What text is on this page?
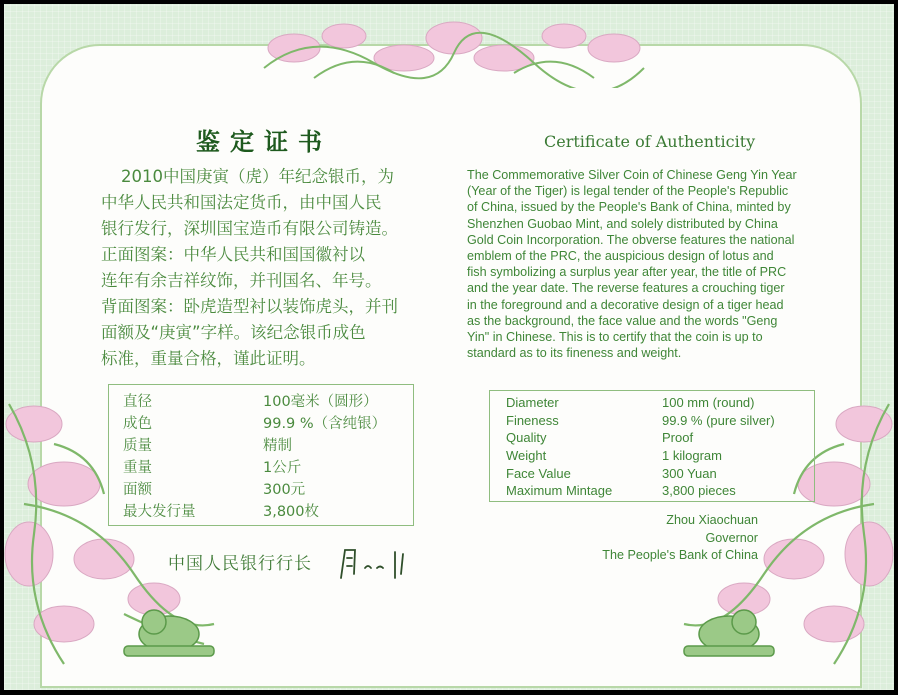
鉴定证书

2010中国庚寅（虎）年纪念银币，为

中华人民共和国法定货币，由中国人民

银行发行，深圳国宝造币有限公司铸造。

正面图案：中华人民共和国国徽衬以

连年有余吉祥纹饰，并刊国名、年号。

背面图案：卧虎造型衬以装饰虎头，并刊

面额及“庚寅”字样。该纪念银币成色

标准，重量合格，谨此证明。

直径	100毫米（圆形）
成色	99.9 %（含纯银）
质量	精制
重量	1公斤
面额	300元
最大发行量	3,800枚
中国人民银行行长
Certificate of Authenticity

The Commemorative Silver Coin of Chinese Geng Yin Year

(Year of the Tiger) is legal tender of the People's Republic

of China, issued by the People's Bank of China, minted by

Shenzhen Guobao Mint, and solely distributed by China

Gold Coin Incorporation. The obverse features the national

emblem of the PRC, the auspicious design of lotus and

fish symbolizing a surplus year after year, the title of PRC

and the year date. The reverse features a crouching tiger

in the foreground and a decorative design of a tiger head

as the background, the face value and the words "Geng

Yin" in Chinese. This is to certify that the coin is up to

standard as to its fineness and weight.

Diameter	100 mm (round)
Fineness	99.9 % (pure silver)
Quality	Proof
Weight	1 kilogram
Face Value	300 Yuan
Maximum Mintage	3,800 pieces
Zhou Xiaochuan
Governor
The People's Bank of China
